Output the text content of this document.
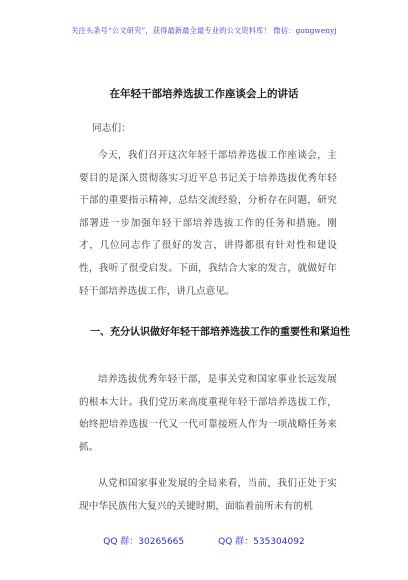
关注头条号“公文研究”，获得最新最全最专业的公文资料库！ 微信：gongwenyj
在年轻干部培养选拔工作座谈会上的讲话
同志们：
今天，我们召开这次年轻干部培养选拔工作座谈会，主要目的是深入贯彻落实习近平总书记关于培养选拔优秀年轻干部的重要指示精神，总结交流经验，分析存在问题，研究部署进一步加强年轻干部培养选拔工作的任务和措施。刚才，几位同志作了很好的发言，讲得都很有针对性和建设性，我听了很受启发。下面，我结合大家的发言，就做好年轻干部培养选拔工作，讲几点意见。
一、充分认识做好年轻干部培养选拔工作的重要性和紧迫性
培养选拔优秀年轻干部，是事关党和国家事业长远发展的根本大计。我们党历来高度重视年轻干部培养选拔工作，始终把培养选拔一代又一代可靠接班人作为一项战略任务来抓。
从党和国家事业发展的全局来看，当前，我们正处于实现中华民族伟大复兴的关键时期，面临着前所未有的机
QQ 群：30265665	QQ 群：535304092
